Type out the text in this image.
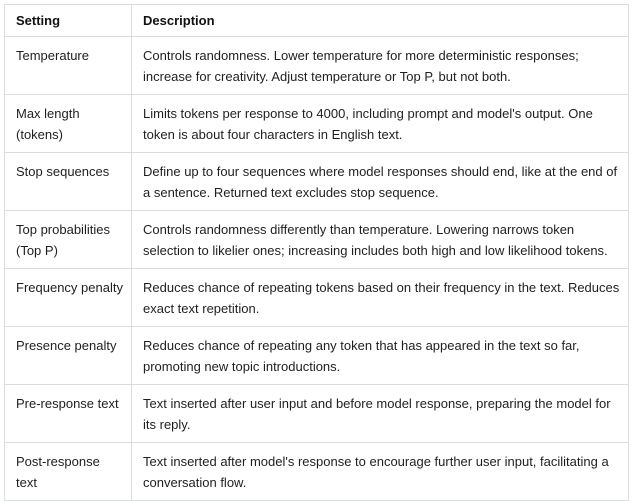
Setting	Description
Temperature	Controls randomness. Lower temperature for more deterministic responses; increase for creativity. Adjust temperature or Top P, but not both.
Max length (tokens)	Limits tokens per response to 4000, including prompt and model's output. One token is about four characters in English text.
Stop sequences	Define up to four sequences where model responses should end, like at the end of a sentence. Returned text excludes stop sequence.
Top probabilities (Top P)	Controls randomness differently than temperature. Lowering narrows token selection to likelier ones; increasing includes both high and low likelihood tokens.
Frequency penalty	Reduces chance of repeating tokens based on their frequency in the text. Reduces exact text repetition.
Presence penalty	Reduces chance of repeating any token that has appeared in the text so far, promoting new topic introductions.
Pre-response text	Text inserted after user input and before model response, preparing the model for its reply.
Post-response text	Text inserted after model's response to encourage further user input, facilitating a conversation flow.
